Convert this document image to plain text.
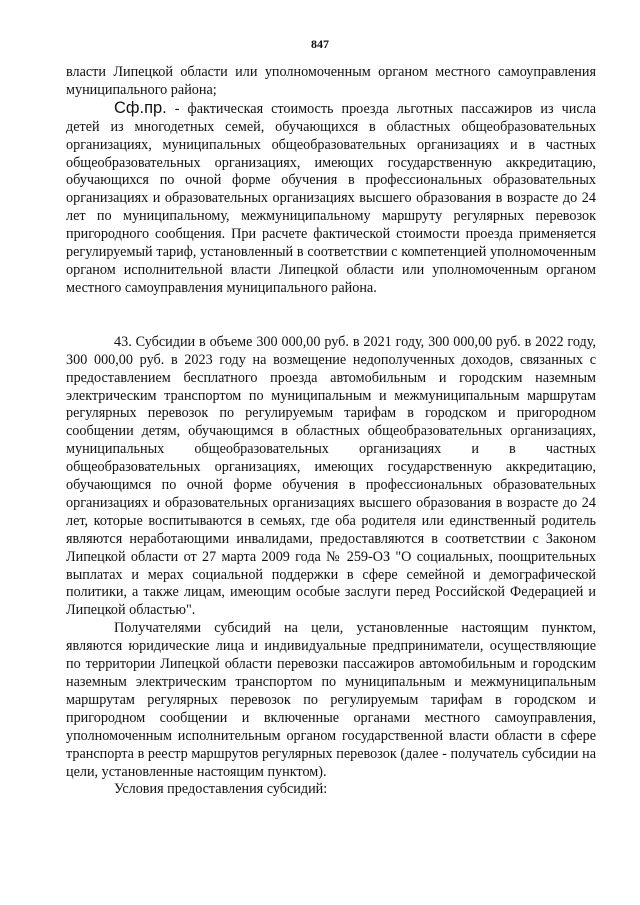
847

власти Липецкой области или уполномоченным органом местного самоуправления муниципального района;

Сф.пр. - фактическая стоимость проезда льготных пассажиров из числа детей из многодетных семей, обучающихся в областных общеобразовательных организациях, муниципальных общеобразовательных организациях и в частных общеобразовательных организациях, имеющих государственную аккредитацию, обучающихся по очной форме обучения в профессиональных образовательных организациях и образовательных организациях высшего образования в возрасте до 24 лет по муниципальному, межмуниципальному маршруту регулярных перевозок пригородного сообщения. При расчете фактической стоимости проезда применяется регулируемый тариф, установленный в соответствии с компетенцией уполномоченным органом исполнительной власти Липецкой области или уполномоченным органом местного самоуправления муниципального района.

43. Субсидии в объеме 300 000,00 руб. в 2021 году, 300 000,00 руб. в 2022 году, 300 000,00 руб. в 2023 году на возмещение недополученных доходов, связанных с предоставлением бесплатного проезда автомобильным и городским наземным электрическим транспортом по муниципальным и межмуниципальным маршрутам регулярных перевозок по регулируемым тарифам в городском и пригородном сообщении детям, обучающимся в областных общеобразовательных организациях, муниципальных общеобразовательных организациях и в частных общеобразовательных организациях, имеющих государственную аккредитацию, обучающимся по очной форме обучения в профессиональных образовательных организациях и образовательных организациях высшего образования в возрасте до 24 лет, которые воспитываются в семьях, где оба родителя или единственный родитель являются неработающими инвалидами, предоставляются в соответствии с Законом Липецкой области от 27 марта 2009 года № 259-ОЗ "О социальных, поощрительных выплатах и мерах социальной поддержки в сфере семейной и демографической политики, а также лицам, имеющим особые заслуги перед Российской Федерацией и Липецкой областью".

Получателями субсидий на цели, установленные настоящим пунктом, являются юридические лица и индивидуальные предприниматели, осуществляющие по территории Липецкой области перевозки пассажиров автомобильным и городским наземным электрическим транспортом по муниципальным и межмуниципальным маршрутам регулярных перевозок по регулируемым тарифам в городском и пригородном сообщении и включенные органами местного самоуправления, уполномоченным исполнительным органом государственной власти области в сфере транспорта в реестр маршрутов регулярных перевозок (далее - получатель субсидии на цели, установленные настоящим пунктом).

Условия предоставления субсидий:
